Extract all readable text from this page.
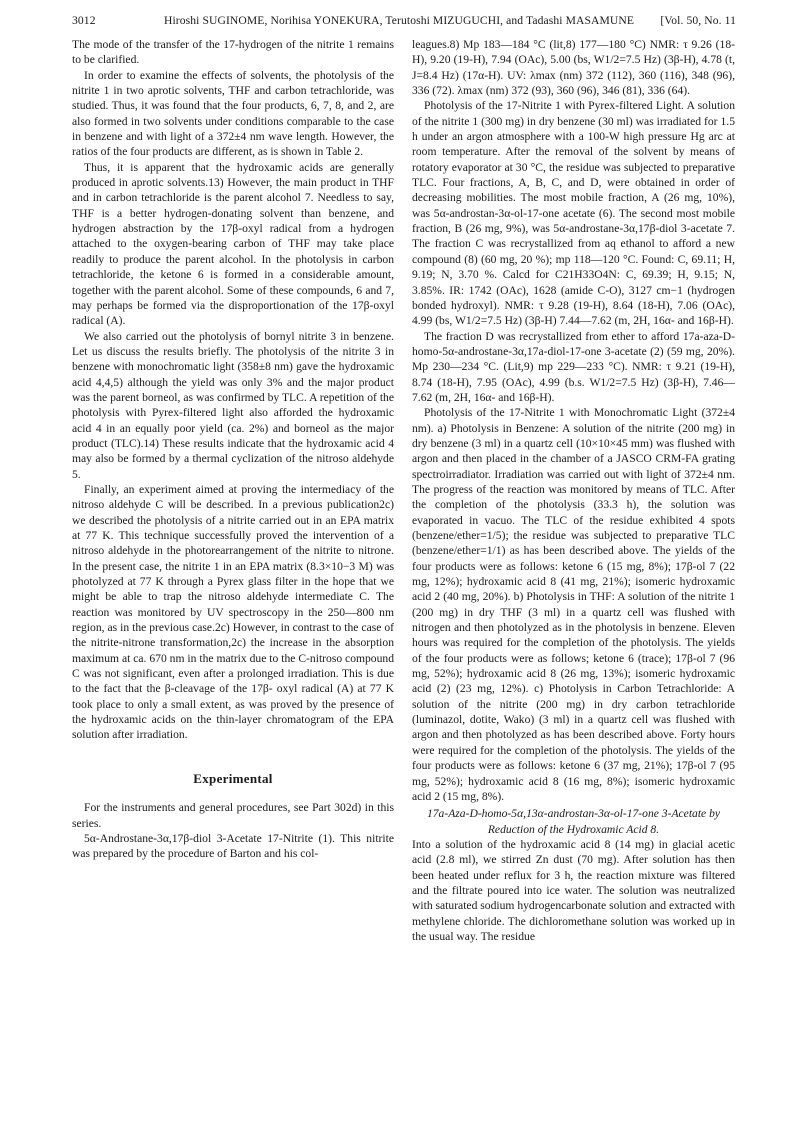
3012	Hiroshi SUGINOME, Norihisa YONEKURA, Terutoshi MIZUGUCHI, and Tadashi MASAMUNE [Vol. 50, No. 11

The mode of the transfer of the 17-hydrogen of the nitrite 1 remains to be clarified.

In order to examine the effects of solvents, the photolysis of the nitrite 1 in two aprotic solvents, THF and carbon tetrachloride, was studied. Thus, it was found that the four products, 6, 7, 8, and 2, are also formed in two solvents under conditions comparable to the case in benzene and with light of a 372±4 nm wave length. However, the ratios of the four products are different, as is shown in Table 2.

Thus, it is apparent that the hydroxamic acids are generally produced in aprotic solvents.13) However, the main product in THF and in carbon tetrachloride is the parent alcohol 7. Needless to say, THF is a better hydrogen-donating solvent than benzene, and hydrogen abstraction by the 17β-oxyl radical from a hydrogen attached to the oxygen-bearing carbon of THF may take place readily to produce the parent alcohol. In the photolysis in carbon tetrachloride, the ketone 6 is formed in a considerable amount, together with the parent alcohol. Some of these compounds, 6 and 7, may perhaps be formed via the disproportionation of the 17β-oxyl radical (A).

We also carried out the photolysis of bornyl nitrite 3 in benzene. Let us discuss the results briefly. The photolysis of the nitrite 3 in benzene with monochromatic light (358±8 nm) gave the hydroxamic acid 4,4,5) although the yield was only 3% and the major product was the parent borneol, as was confirmed by TLC. A repetition of the photolysis with Pyrex-filtered light also afforded the hydroxamic acid 4 in an equally poor yield (ca. 2%) and borneol as the major product (TLC).14) These results indicate that the hydroxamic acid 4 may also be formed by a thermal cyclization of the nitroso aldehyde 5.

Finally, an experiment aimed at proving the intermediacy of the nitroso aldehyde C will be described. In a previous publication2c) we described the photolysis of a nitrite carried out in an EPA matrix at 77 K. This technique successfully proved the intervention of a nitroso aldehyde in the photorearrangement of the nitrite to nitrone. In the present case, the nitrite 1 in an EPA matrix (8.3×10−3 M) was photolyzed at 77 K through a Pyrex glass filter in the hope that we might be able to trap the nitroso aldehyde intermediate C. The reaction was monitored by UV spectroscopy in the 250—800 nm region, as in the previous case.2c) However, in contrast to the case of the nitrite-nitrone transformation,2c) the increase in the absorption maximum at ca. 670 nm in the matrix due to the C-nitroso compound C was not significant, even after a prolonged irradiation. This is due to the fact that the β-cleavage of the 17β- oxyl radical (A) at 77 K took place to only a small extent, as was proved by the presence of the hydroxamic acids on the thin-layer chromatogram of the EPA solution after irradiation.

Experimental

For the instruments and general procedures, see Part 302d) in this series.

5α-Androstane-3α,17β-diol 3-Acetate 17-Nitrite (1). This nitrite was prepared by the procedure of Barton and his col-

leagues.8) Mp 183—184 °C (lit,8) 177—180 °C) NMR: τ 9.26 (18-H), 9.20 (19-H), 7.94 (OAc), 5.00 (bs, W1/2=7.5 Hz) (3β-H), 4.78 (t, J=8.4 Hz) (17α-H). UV: λmax (nm) 372 (112), 360 (116), 348 (96), 336 (72). λmax (nm) 372 (93), 360 (96), 346 (81), 336 (64).

Photolysis of the 17-Nitrite 1 with Pyrex-filtered Light. A solution of the nitrite 1 (300 mg) in dry benzene (30 ml) was irradiated for 1.5 h under an argon atmosphere with a 100-W high pressure Hg arc at room temperature. After the removal of the solvent by means of rotatory evaporator at 30 °C, the residue was subjected to preparative TLC. Four fractions, A, B, C, and D, were obtained in order of decreasing mobilities. The most mobile fraction, A (26 mg, 10%), was 5α-androstan-3α-ol-17-one acetate (6). The second most mobile fraction, B (26 mg, 9%), was 5α-androstane-3α,17β-diol 3-acetate 7. The fraction C was recrystallized from aq ethanol to afford a new compound (8) (60 mg, 20 %); mp 118—120 °C. Found: C, 69.11; H, 9.19; N, 3.70 %. Calcd for C21H33O4N: C, 69.39; H, 9.15; N, 3.85%. IR: 1742 (OAc), 1628 (amide C-O), 3127 cm−1 (hydrogen bonded hydroxyl). NMR: τ 9.28 (19-H), 8.64 (18-H), 7.06 (OAc), 4.99 (bs, W1/2=7.5 Hz) (3β-H) 7.44—7.62 (m, 2H, 16α- and 16β-H).

The fraction D was recrystallized from ether to afford 17a-aza-D-homo-5α-androstane-3α,17a-diol-17-one 3-acetate (2) (59 mg, 20%). Mp 230—234 °C. (Lit,9) mp 229—233 °C). NMR: τ 9.21 (19-H), 8.74 (18-H), 7.95 (OAc), 4.99 (b.s. W1/2=7.5 Hz) (3β-H), 7.46—7.62 (m, 2H, 16α- and 16β-H).

Photolysis of the 17-Nitrite 1 with Monochromatic Light (372±4 nm). a) Photolysis in Benzene: A solution of the nitrite (200 mg) in dry benzene (3 ml) in a quartz cell (10×10×45 mm) was flushed with argon and then placed in the chamber of a JASCO CRM-FA grating spectroirradiator. Irradiation was carried out with light of 372±4 nm. The progress of the reaction was monitored by means of TLC. After the completion of the photolysis (33.3 h), the solution was evaporated in vacuo. The TLC of the residue exhibited 4 spots (benzene/ether=1/5); the residue was subjected to preparative TLC (benzene/ether=1/1) as has been described above. The yields of the four products were as follows: ketone 6 (15 mg, 8%); 17β-ol 7 (22 mg, 12%); hydroxamic acid 8 (41 mg, 21%); isomeric hydroxamic acid 2 (40 mg, 20%). b) Photolysis in THF: A solution of the nitrite 1 (200 mg) in dry THF (3 ml) in a quartz cell was flushed with nitrogen and then photolyzed as in the photolysis in benzene. Eleven hours was required for the completion of the photolysis. The yields of the four products were as follows; ketone 6 (trace); 17β-ol 7 (96 mg, 52%); hydroxamic acid 8 (26 mg, 13%); isomeric hydroxamic acid (2) (23 mg, 12%). c) Photolysis in Carbon Tetrachloride: A solution of the nitrite (200 mg) in dry carbon tetrachloride (luminazol, dotite, Wako) (3 ml) in a quartz cell was flushed with argon and then photolyzed as has been described above. Forty hours were required for the completion of the photolysis. The yields of the four products were as follows: ketone 6 (37 mg, 21%); 17β-ol 7 (95 mg, 52%); hydroxamic acid 8 (16 mg, 8%); isomeric hydroxamic acid 2 (15 mg, 8%).

17a-Aza-D-homo-5α,13α-androstan-3α-ol-17-one 3-Acetate by Reduction of the Hydroxamic Acid 8.

Into a solution of the hydroxamic acid 8 (14 mg) in glacial acetic acid (2.8 ml), we stirred Zn dust (70 mg). After solution has then been heated under reflux for 3 h, the reaction mixture was filtered and the filtrate poured into ice water. The solution was neutralized with saturated sodium hydrogencarbonate solution and extracted with methylene chloride. The dichloromethane solution was worked up in the usual way. The residue
